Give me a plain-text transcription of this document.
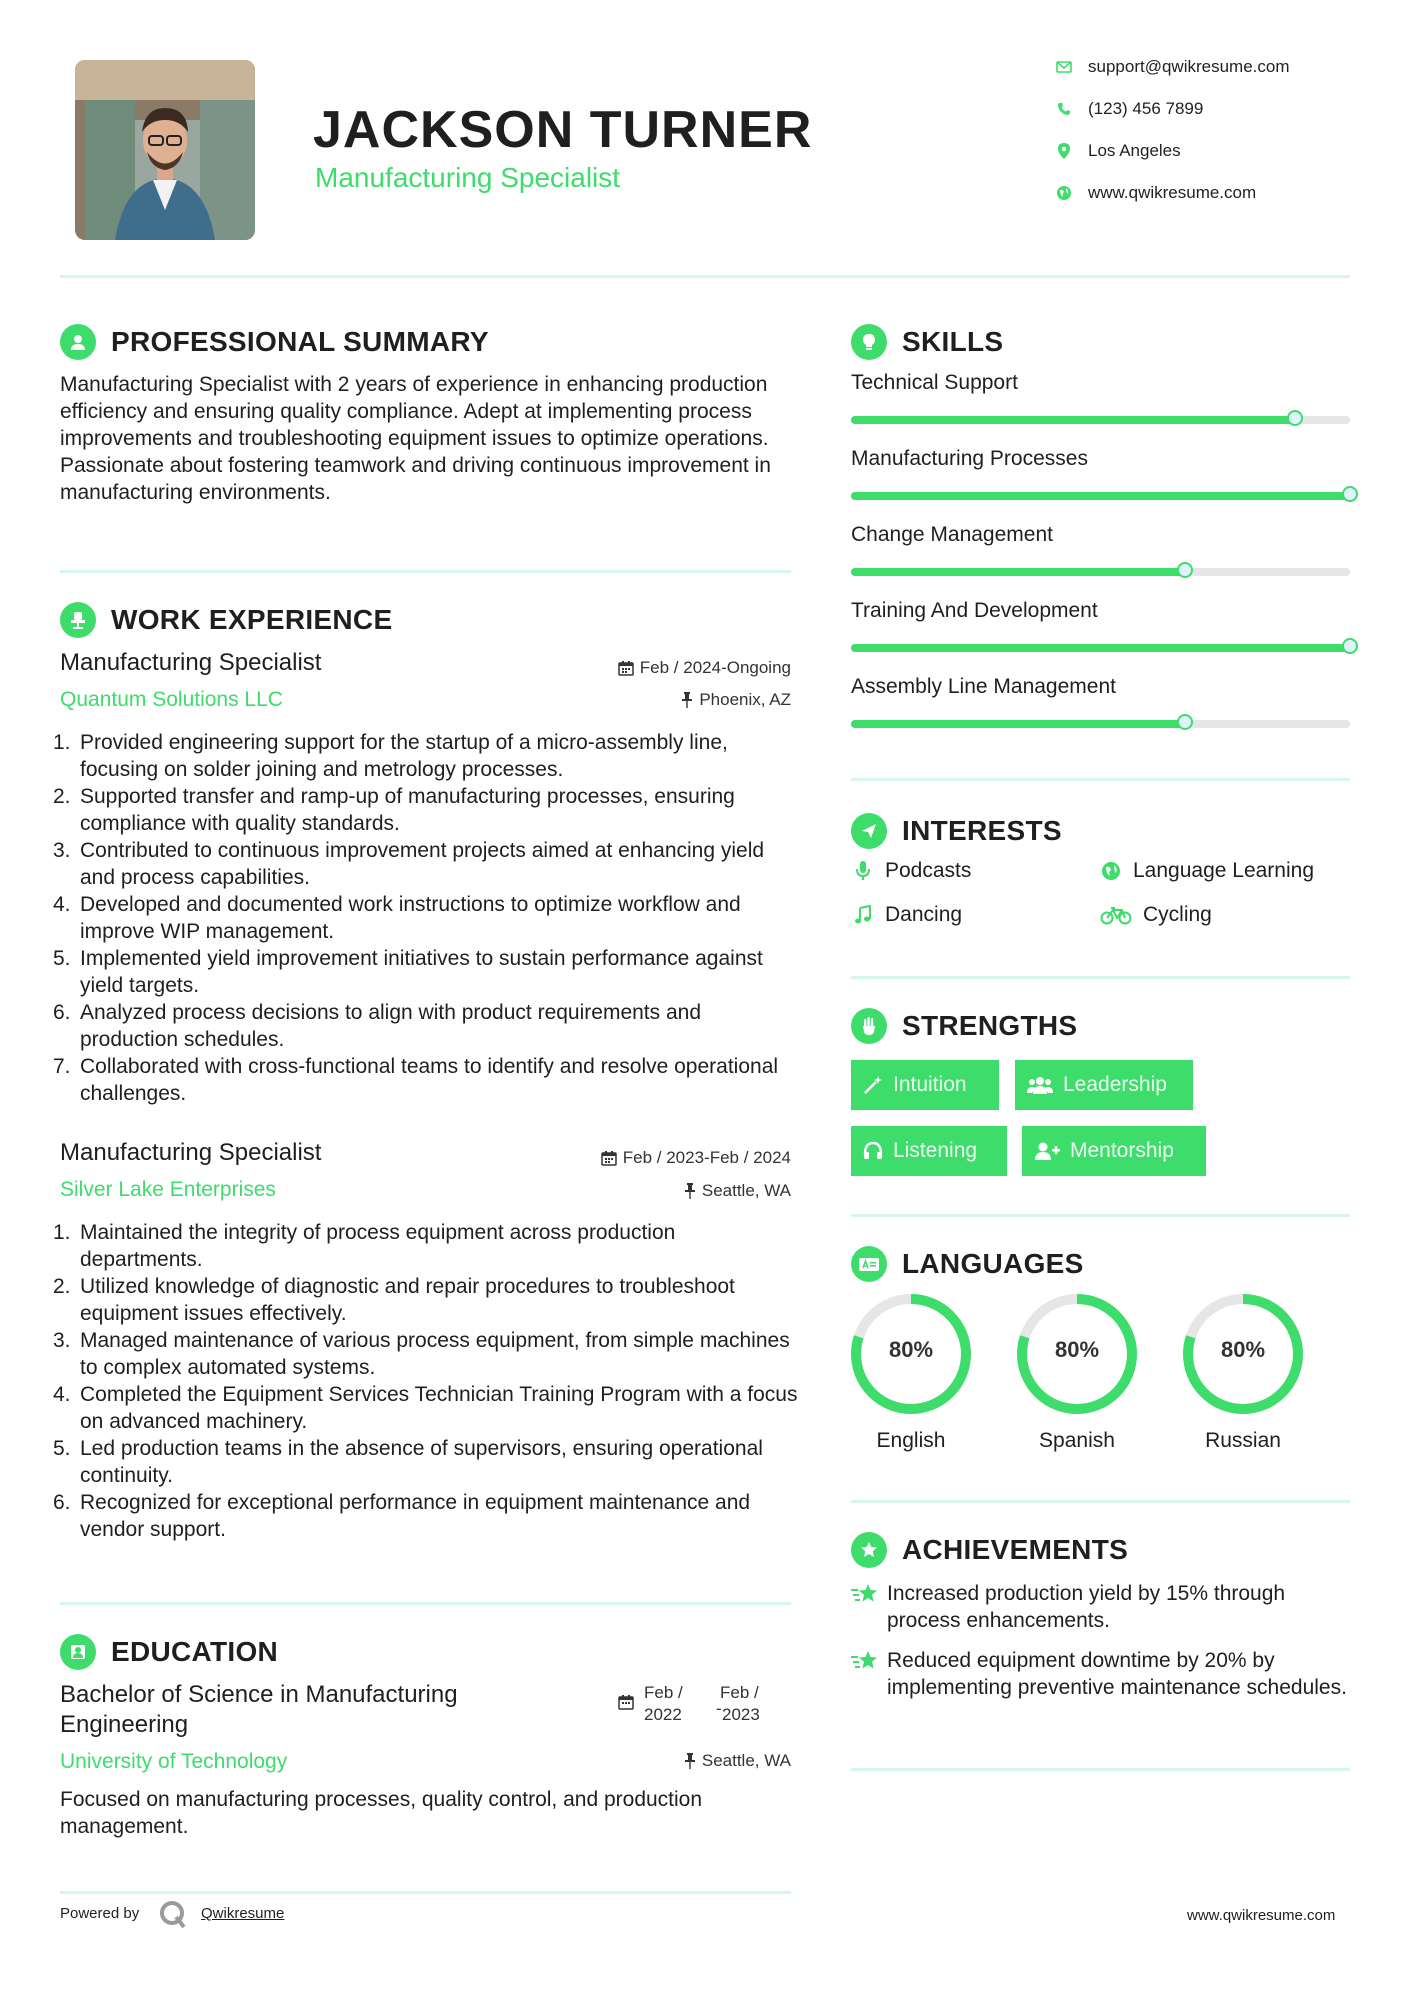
JACKSON TURNER
Manufacturing Specialist
support@qwikresume.com
(123) 456 7899
Los Angeles
www.qwikresume.com
PROFESSIONAL SUMMARY
Manufacturing Specialist with 2 years of experience in enhancing production efficiency and ensuring quality compliance. Adept at implementing process improvements and troubleshooting equipment issues to optimize operations. Passionate about fostering teamwork and driving continuous improvement in manufacturing environments.
WORK EXPERIENCE
Manufacturing Specialist	Feb / 2024-Ongoing
Quantum Solutions LLC	Phoenix, AZ
1. Provided engineering support for the startup of a micro-assembly line, focusing on solder joining and metrology processes.
2. Supported transfer and ramp-up of manufacturing processes, ensuring compliance with quality standards.
3. Contributed to continuous improvement projects aimed at enhancing yield and process capabilities.
4. Developed and documented work instructions to optimize workflow and improve WIP management.
5. Implemented yield improvement initiatives to sustain performance against yield targets.
6. Analyzed process decisions to align with product requirements and production schedules.
7. Collaborated with cross-functional teams to identify and resolve operational challenges.
Manufacturing Specialist	Feb / 2023-Feb / 2024
Silver Lake Enterprises	Seattle, WA
1. Maintained the integrity of process equipment across production departments.
2. Utilized knowledge of diagnostic and repair procedures to troubleshoot equipment issues effectively.
3. Managed maintenance of various process equipment, from simple machines to complex automated systems.
4. Completed the Equipment Services Technician Training Program with a focus on advanced machinery.
5. Led production teams in the absence of supervisors, ensuring operational continuity.
6. Recognized for exceptional performance in equipment maintenance and vendor support.
EDUCATION
Bachelor of Science in Manufacturing
Engineering
Feb /
2022 -
Feb /
2023
University of Technology	Seattle, WA
Focused on manufacturing processes, quality control, and production management.
Powered by	Qwikresume	www.qwikresume.com
SKILLS
Technical Support
Manufacturing Processes
Change Management
Training And Development
Assembly Line Management
INTERESTS
Podcasts	Language Learning
Dancing	Cycling
STRENGTHS
Intuition	Leadership
Listening	Mentorship
LANGUAGES
80%
English
80%
Spanish
80%
Russian
ACHIEVEMENTS
Increased production yield by 15% through process enhancements.
Reduced equipment downtime by 20% by implementing preventive maintenance schedules.
